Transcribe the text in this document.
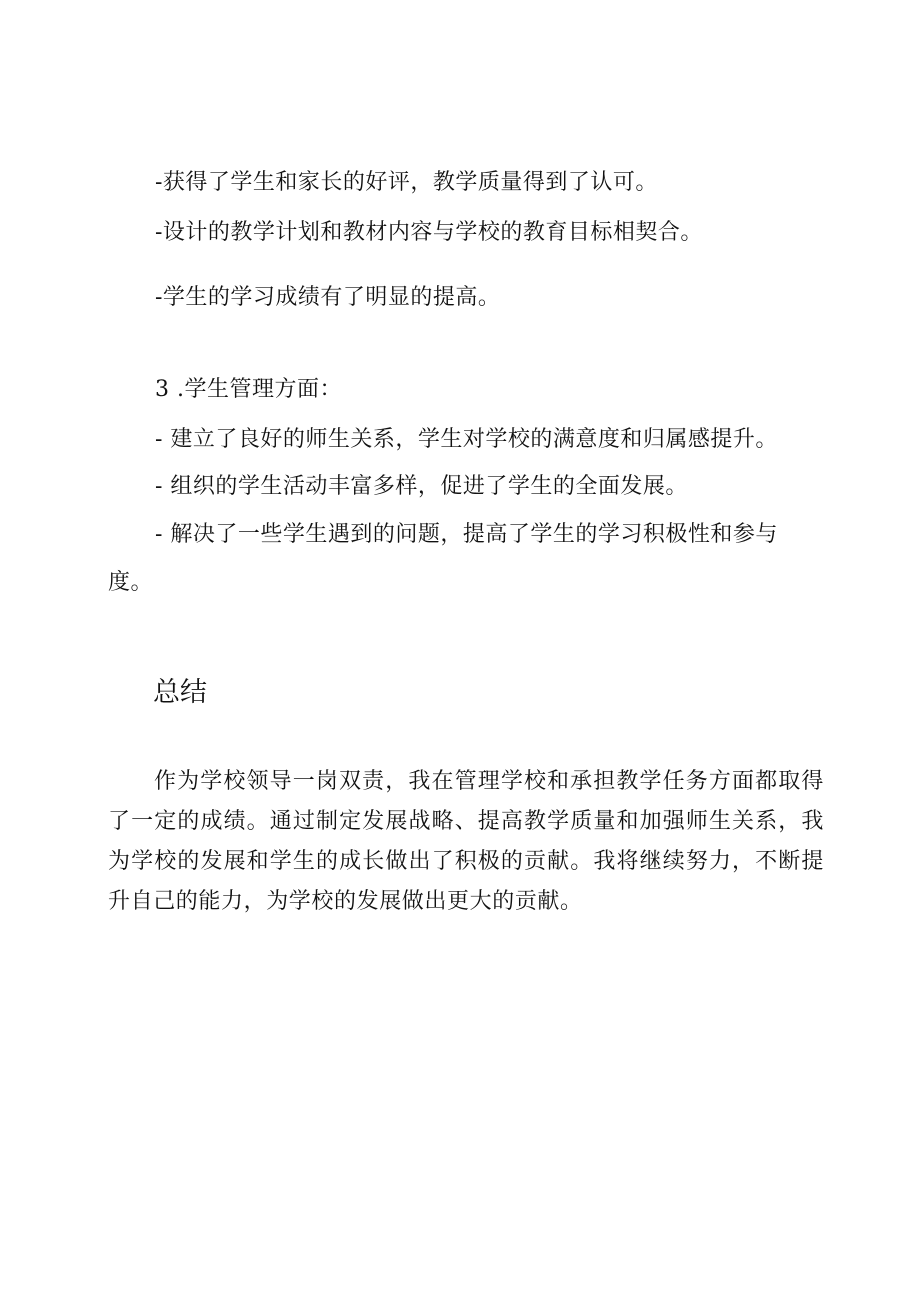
-获得了学生和家长的好评，教学质量得到了认可。
-设计的教学计划和教材内容与学校的教育目标相契合。
-学生的学习成绩有了明显的提高。
3 .学生管理方面：
- 建立了良好的师生关系，学生对学校的满意度和归属感提升。
- 组织的学生活动丰富多样，促进了学生的全面发展。
- 解决了一些学生遇到的问题，提高了学生的学习积极性和参与
度。
总结
作为学校领导一岗双责，我在管理学校和承担教学任务方面都取得了一定的成绩。通过制定发展战略、提高教学质量和加强师生关系，我为学校的发展和学生的成长做出了积极的贡献。我将继续努力，不断提升自己的能力，为学校的发展做出更大的贡献。
